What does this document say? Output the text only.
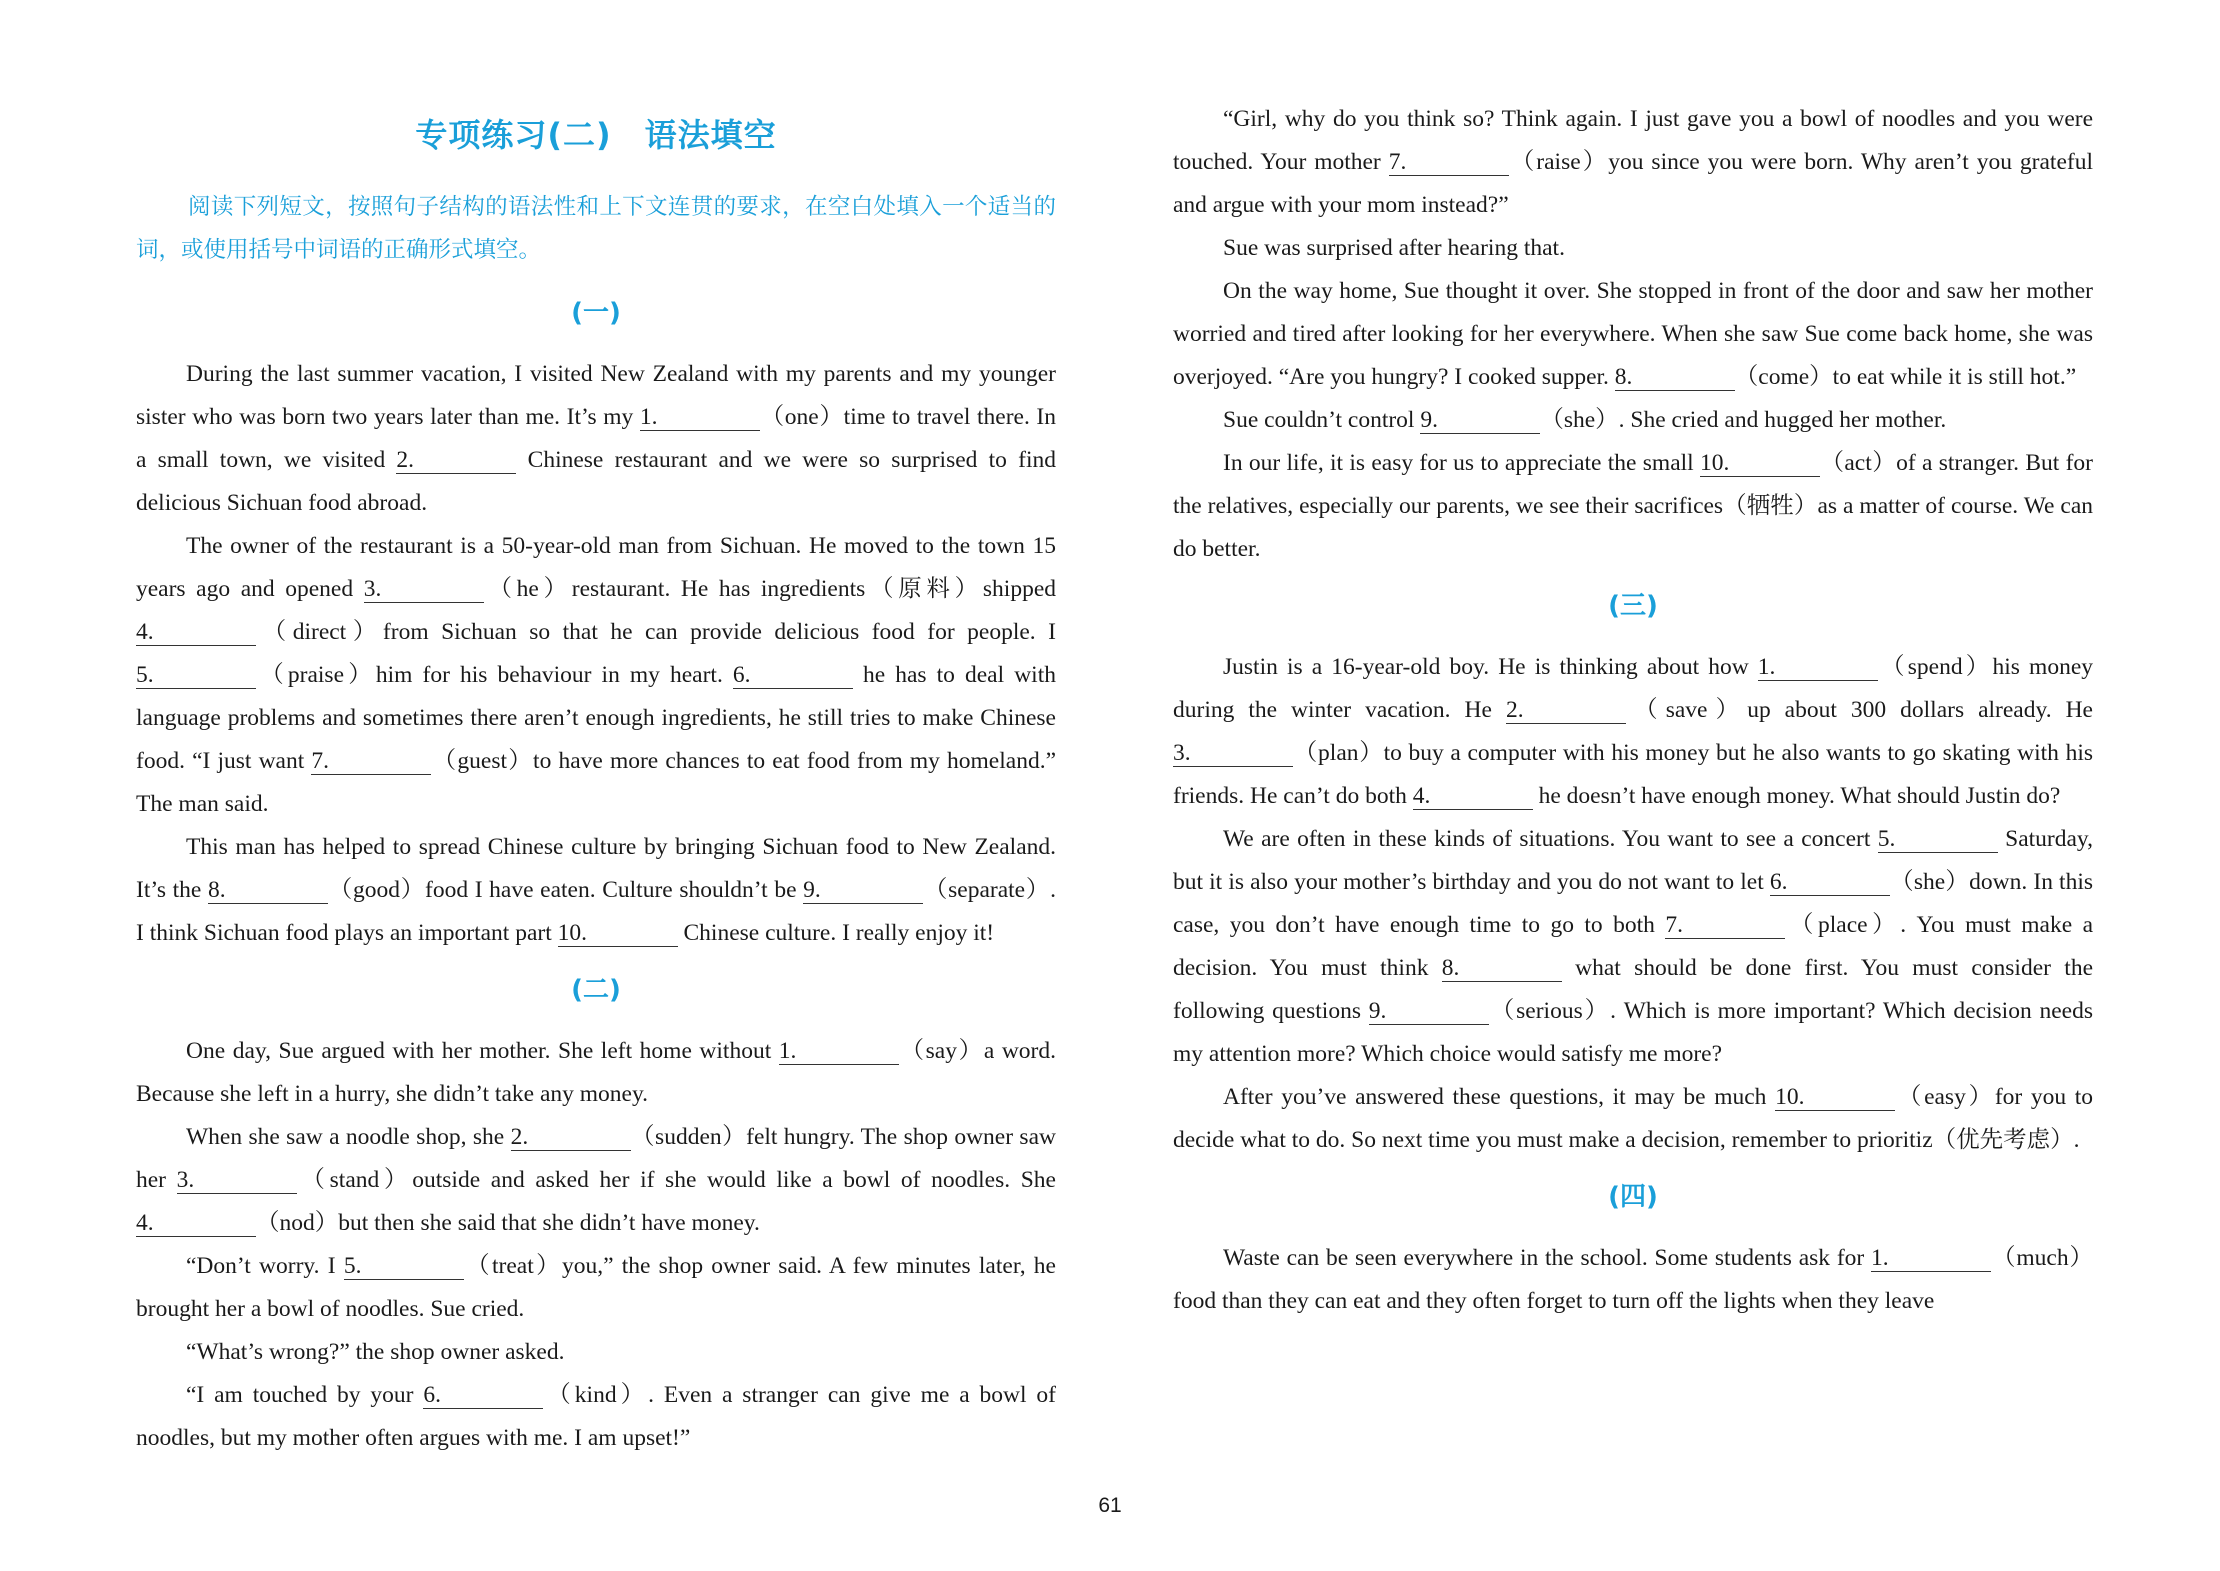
专项练习(二)　语法填空

阅读下列短文，按照句子结构的语法性和上下文连贯的要求，在空白处填入一个适当的词，或使用括号中词语的正确形式填空。

(一)

During the last summer vacation, I visited New Zealand with my parents and my younger sister who was born two years later than me. It’s my 1.	（one）time to travel there. In a small town, we visited 2.	Chinese restaurant and we were so surprised to find delicious Sichuan food abroad.

The owner of the restaurant is a 50-year-old man from Sichuan. He moved to the town 15 years ago and opened 3.	（he）restaurant. He has ingredients（原料）shipped 4.	（direct）from Sichuan so that he can provide delicious food for people. I 5.	（praise）him for his behaviour in my heart. 6.	he has to deal with language problems and sometimes there aren’t enough ingredients, he still tries to make Chinese food. “I just want 7.	（guest）to have more chances to eat food from my homeland.” The man said.

This man has helped to spread Chinese culture by bringing Sichuan food to New Zealand. It’s the 8.	（good）food I have eaten. Culture shouldn’t be 9.	（separate）. I think Sichuan food plays an important part 10.	Chinese culture. I really enjoy it!

(二)

One day, Sue argued with her mother. She left home without 1.	（say）a word. Because she left in a hurry, she didn’t take any money.

When she saw a noodle shop, she 2.	（sudden）felt hungry. The shop owner saw her 3.	（stand）outside and asked her if she would like a bowl of noodles. She 4.	（nod）but then she said that she didn’t have money.

“Don’t worry. I 5.	（treat）you,” the shop owner said. A few minutes later, he brought her a bowl of noodles. Sue cried.

“What’s wrong?” the shop owner asked.

“I am touched by your 6.	（kind）. Even a stranger can give me a bowl of noodles, but my mother often argues with me. I am upset!”

“Girl, why do you think so? Think again. I just gave you a bowl of noodles and you were touched. Your mother 7.	（raise）you since you were born. Why aren’t you grateful and argue with your mom instead?”

Sue was surprised after hearing that.

On the way home, Sue thought it over. She stopped in front of the door and saw her mother worried and tired after looking for her everywhere. When she saw Sue come back home, she was overjoyed. “Are you hungry? I cooked supper. 8.	（come）to eat while it is still hot.”

Sue couldn’t control 9.	（she）. She cried and hugged her mother.

In our life, it is easy for us to appreciate the small 10.	（act）of a stranger. But for the relatives, especially our parents, we see their sacrifices（牺牲）as a matter of course. We can do better.

(三)

Justin is a 16-year-old boy. He is thinking about how 1.	（spend）his money during the winter vacation. He 2.	（save）up about 300 dollars already. He 3.	（plan）to buy a computer with his money but he also wants to go skating with his friends. He can’t do both 4.	he doesn’t have enough money. What should Justin do?

We are often in these kinds of situations. You want to see a concert 5.	Saturday, but it is also your mother’s birthday and you do not want to let 6.	（she）down. In this case, you don’t have enough time to go to both 7.	（place）. You must make a decision. You must think 8.	what should be done first. You must consider the following questions 9.	（serious）. Which is more important? Which decision needs my attention more? Which choice would satisfy me more?

After you’ve answered these questions, it may be much 10.	（easy）for you to decide what to do. So next time you must make a decision, remember to prioritiz（优先考虑）.

(四)

Waste can be seen everywhere in the school. Some students ask for 1.	（much）food than they can eat and they often forget to turn off the lights when they leave

61
